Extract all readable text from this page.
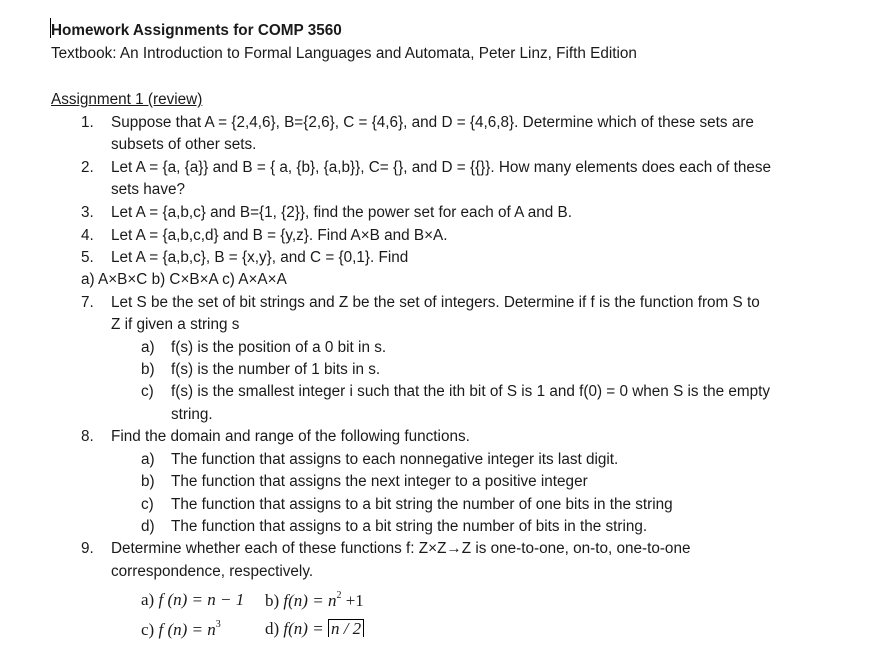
Homework Assignments for COMP 3560
Textbook: An Introduction to Formal Languages and Automata, Peter Linz, Fifth Edition
Assignment 1 (review)
1. Suppose that A = {2,4,6}, B={2,6}, C = {4,6}, and D = {4,6,8}. Determine which of these sets are
subsets of other sets.
2. Let A = {a, {a}} and B = { a, {b}, {a,b}}, C= {}, and D = {{}}. How many elements does each of these
sets have?
3. Let A = {a,b,c} and B={1, {2}}, find the power set for each of A and B.
4. Let A = {a,b,c,d} and B = {y,z}. Find A×B and B×A.
5. Let A = {a,b,c}, B = {x,y}, and C = {0,1}. Find
a) A×B×C b) C×B×A c) A×A×A
7. Let S be the set of bit strings and Z be the set of integers. Determine if f is the function from S to
Z if given a string s
a) f(s) is the position of a 0 bit in s.
b) f(s) is the number of 1 bits in s.
c) f(s) is the smallest integer i such that the ith bit of S is 1 and f(0) = 0 when S is the empty
string.
8. Find the domain and range of the following functions.
a) The function that assigns to each nonnegative integer its last digit.
b) The function that assigns the next integer to a positive integer
c) The function that assigns to a bit string the number of one bits in the string
d) The function that assigns to a bit string the number of bits in the string.
9. Determine whether each of these functions f: Z×Z→Z is one-to-one, on-to, one-to-one
correspondence, respectively.
a) f (n) = n − 1 b) $f(n) = n^2 +1$
c) f $(n) = n^3$	d) f(n) = n / 2
